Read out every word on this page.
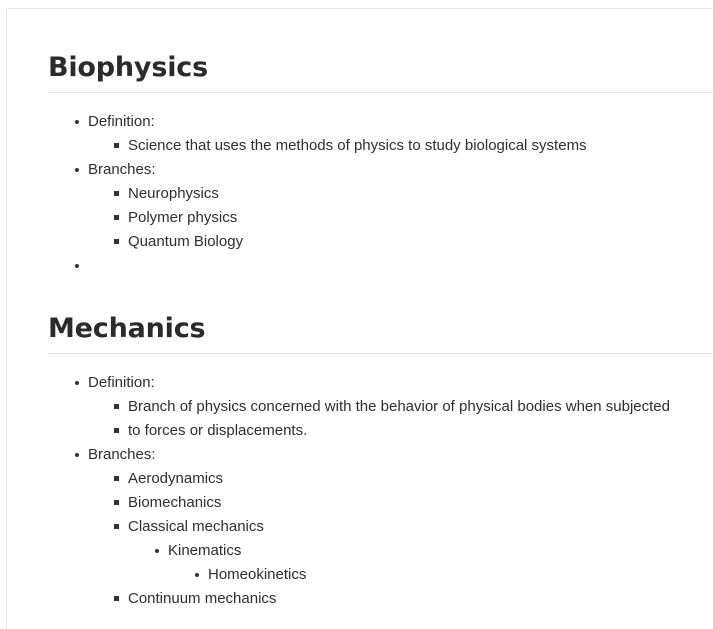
Biophysics
Definition:
Science that uses the methods of physics to study biological systems
Branches:
Neurophysics
Polymer physics
Quantum Biology
Mechanics
Definition:
Branch of physics concerned with the behavior of physical bodies when subjected
to forces or displacements.
Branches:
Aerodynamics
Biomechanics
Classical mechanics
Kinematics
Homeokinetics
Continuum mechanics
